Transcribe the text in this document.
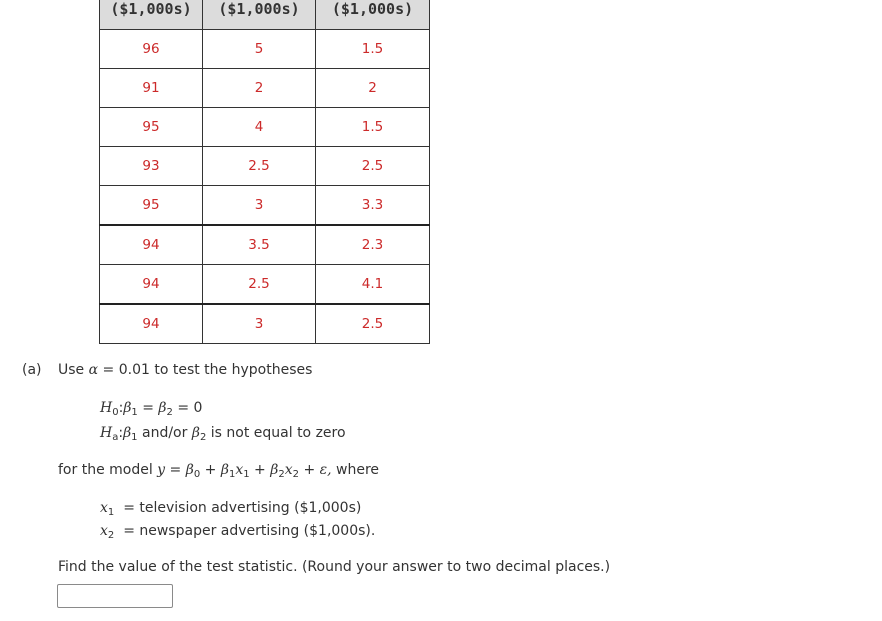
($1,000s)	($1,000s)	($1,000s)
96	5	1.5
91	2	2
95	4	1.5
93	2.5	2.5
95	3	3.3
94	3.5	2.3
94	2.5	4.1
94	3	2.5
(a) Use α = 0.01 to test the hypotheses
$H_0:\beta_1 = \beta_2 = 0$
$H_a:\beta_1$ and/or $\beta_2$ is not equal to zero
for the model $y = \beta_0 + \beta_1x_1 + \beta_2x_2 + \varepsilon$, where
$x_1$ = television advertising ($1,000s)
$x_2$ = newspaper advertising ($1,000s).
Find the value of the test statistic. (Round your answer to two decimal places.)
